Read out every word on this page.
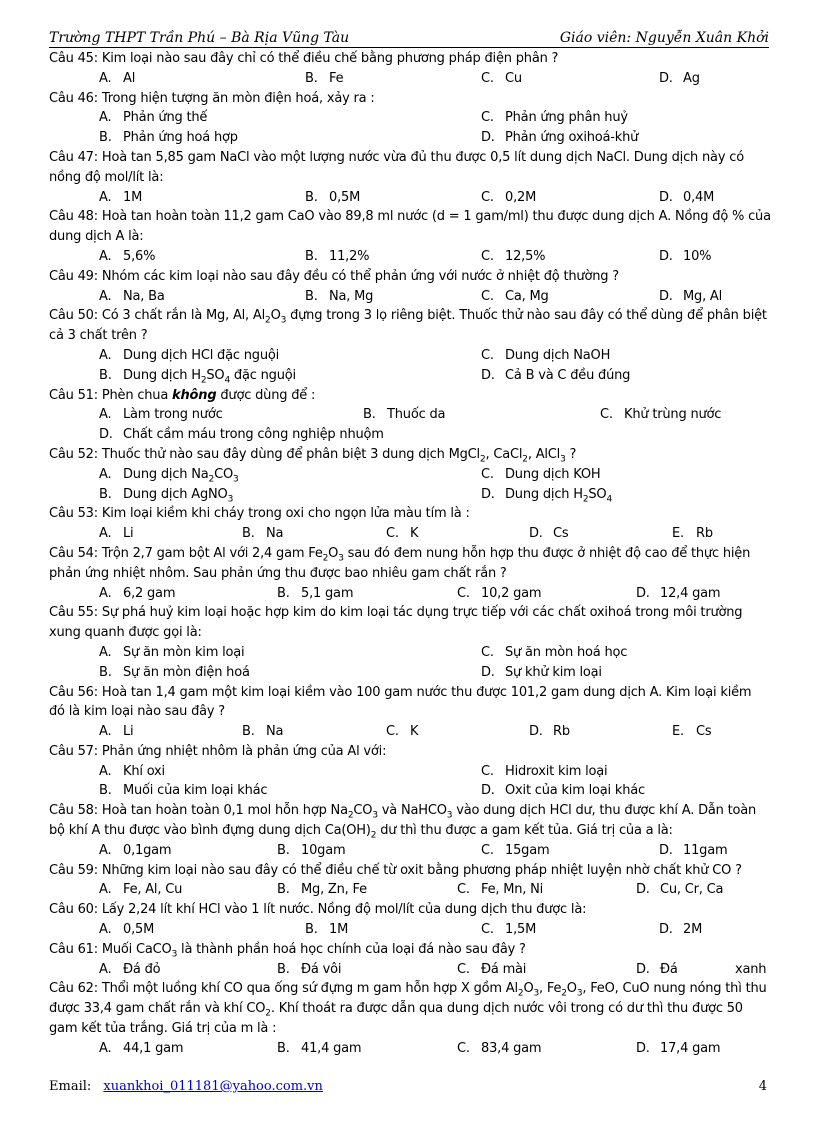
Trường THPT Trần Phú – Bà Rịa Vũng Tàu	Giáo viên: Nguyễn Xuân Khởi

Câu 45: Kim loại nào sau đây chỉ có thể điều chế bằng phương pháp điện phân ?

A. Al	B. Fe	C. Cu	D. Ag

Câu 46: Trong hiện tượng ăn mòn điện hoá, xảy ra :

A. Phản ứng thế	C. Phản ứng phân huỷ
B. Phản ứng hoá hợp	D. Phản ứng oxihoá-khử

Câu 47: Hoà tan 5,85 gam NaCl vào một lượng nước vừa đủ thu được 0,5 lít dung dịch NaCl. Dung dịch này có nồng độ mol/lít là:

A. 1M	B. 0,5M	C. 0,2M	D. 0,4M

Câu 48: Hoà tan hoàn toàn 11,2 gam CaO vào 89,8 ml nước (d = 1 gam/ml) thu được dung dịch A. Nồng độ % của dung dịch A là:

A. 5,6%	B. 11,2%	C. 12,5%	D. 10%

Câu 49: Nhóm các kim loại nào sau đây đều có thể phản ứng với nước ở nhiệt độ thường ?

A. Na, Ba	B. Na, Mg	C. Ca, Mg	D. Mg, Al

Câu 50: Có 3 chất rắn là Mg, Al, $Al_2O_3$ đựng trong 3 lọ riêng biệt. Thuốc thử nào sau đây có thể dùng để phân biệt cả 3 chất trên ?

A. Dung dịch HCl đặc nguội	C. Dung dịch NaOH
B. Dung dịch $H_2SO_4$ đặc nguội	D. Cả B và C đều đúng

Câu 51: Phèn chua không được dùng để :

A. Làm trong nước	B. Thuốc da	C. Khử trùng nước
D. Chất cầm máu trong công nghiệp nhuộm

Câu 52: Thuốc thử nào sau đây dùng để phân biệt 3 dung dịch MgCl$_2$, CaCl$_2$, AlCl$_3$ ?

A. Dung dịch $Na_2CO_3$	C. Dung dịch KOH
B. Dung dịch AgNO$_3$	D. Dung dịch $H_2SO_4$

Câu 53: Kim loại kiềm khi cháy trong oxi cho ngọn lửa màu tím là :

A. Li	B. Na	C. K	D. Cs	E. Rb

Câu 54: Trộn 2,7 gam bột Al với 2,4 gam $Fe_2O_3$ sau đó đem nung hỗn hợp thu được ở nhiệt độ cao để thực hiện phản ứng nhiệt nhôm. Sau phản ứng thu được bao nhiêu gam chất rắn ?

A. 6,2 gam	B. 5,1 gam	C. 10,2 gam	D. 12,4 gam

Câu 55: Sự phá huỷ kim loại hoặc hợp kim do kim loại tác dụng trực tiếp với các chất oxihoá trong môi trường xung quanh được gọi là:

A. Sự ăn mòn kim loại	C. Sự ăn mòn hoá học
B. Sự ăn mòn điện hoá	D. Sự khử kim loại

Câu 56: Hoà tan 1,4 gam một kim loại kiềm vào 100 gam nước thu được 101,2 gam dung dịch A. Kim loại kiềm đó là kim loại nào sau đây ?

A. Li	B. Na	C. K	D. Rb	E. Cs

Câu 57: Phản ứng nhiệt nhôm là phản ứng của Al với:

A. Khí oxi	C. Hidroxit kim loại
B. Muối của kim loại khác	D. Oxit của kim loại khác

Câu 58: Hoà tan hoàn toàn 0,1 mol hỗn hợp $Na_2CO_3$ và NaHCO$_3$ vào dung dịch HCl dư, thu được khí A. Dẫn toàn bộ khí A thu được vào bình đựng dung dịch $Ca(OH)_2$ dư thì thu được a gam kết tủa. Giá trị của a là:

A. 0,1gam	B. 10gam	C. 15gam	D. 11gam

Câu 59: Những kim loại nào sau đây có thể điều chế từ oxit bằng phương pháp nhiệt luyện nhờ chất khử CO ?

A. Fe, Al, Cu	B. Mg, Zn, Fe	C. Fe, Mn, Ni	D. Cu, Cr, Ca

Câu 60: Lấy 2,24 lít khí HCl vào 1 lít nước. Nồng độ mol/lít của dung dịch thu được là:

A. 0,5M	B. 1M	C. 1,5M	D. 2M

Câu 61: Muối CaCO$_3$ là thành phần hoá học chính của loại đá nào sau đây ?

A. Đá đỏ	B. Đá vôi	C. Đá mài	D. Đá	xanh

Câu 62: Thổi một luồng khí CO qua ống sứ đựng m gam hỗn hợp X gồm $Al_2O_3$, $Fe_2O_3$, FeO, CuO nung nóng thì thu được 33,4 gam chất rắn và khí $CO_2$. Khí thoát ra được dẫn qua dung dịch nước vôi trong có dư thì thu được 50 gam kết tủa trắng. Giá trị của m là :

A. 44,1 gam	B. 41,4 gam	C. 83,4 gam	D. 17,4 gam
Email: xuankhoi_011181@yahoo.com.vn	4
